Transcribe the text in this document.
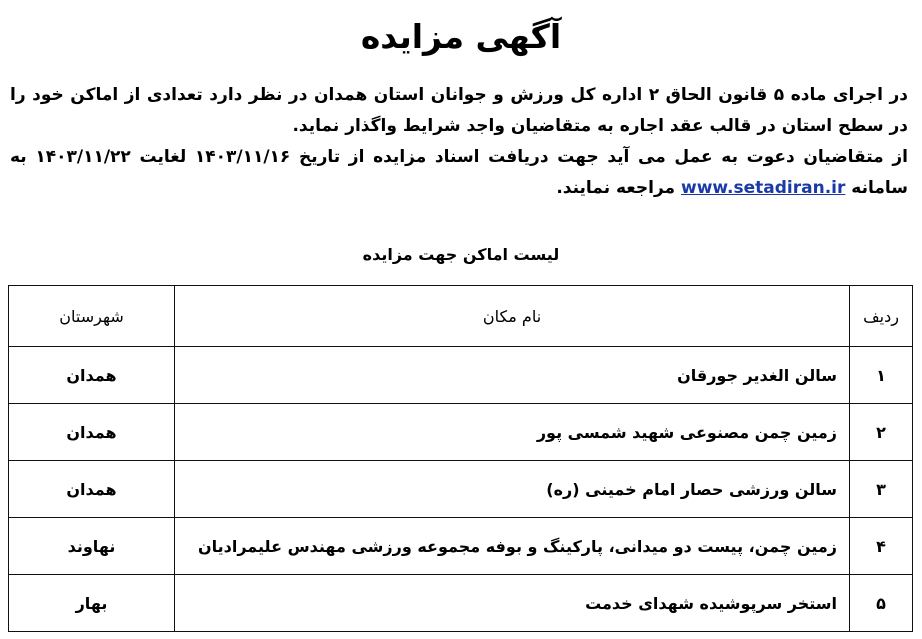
آگهی مزایده

در اجرای ماده ۵ قانون الحاق ۲ اداره کل ورزش و جوانان استان همدان در نظر دارد تعدادی از اماکن خود را در سطح استان در قالب عقد اجاره به متقاضیان واجد شرایط واگذار نماید.

از متقاضیان دعوت به عمل می آید جهت دریافت اسناد مزایده از تاریخ ۱۴۰۳/۱۱/۱۶ لغایت ۱۴۰۳/۱۱/۲۲ به سامانه www.setadiran.ir مراجعه نمایند.

لیست اماکن جهت مزایده
ردیف	نام مکان	شهرستان
۱	سالن الغدیر جورقان	همدان
۲	زمین چمن مصنوعی شهید شمسی پور	همدان
۳	سالن ورزشی حصار امام خمینی (ره)	همدان
۴	زمین چمن، پیست دو میدانی، پارکینگ و بوفه مجموعه ورزشی مهندس علیمرادیان	نهاوند
۵	استخر سرپوشیده شهدای خدمت	بهار
